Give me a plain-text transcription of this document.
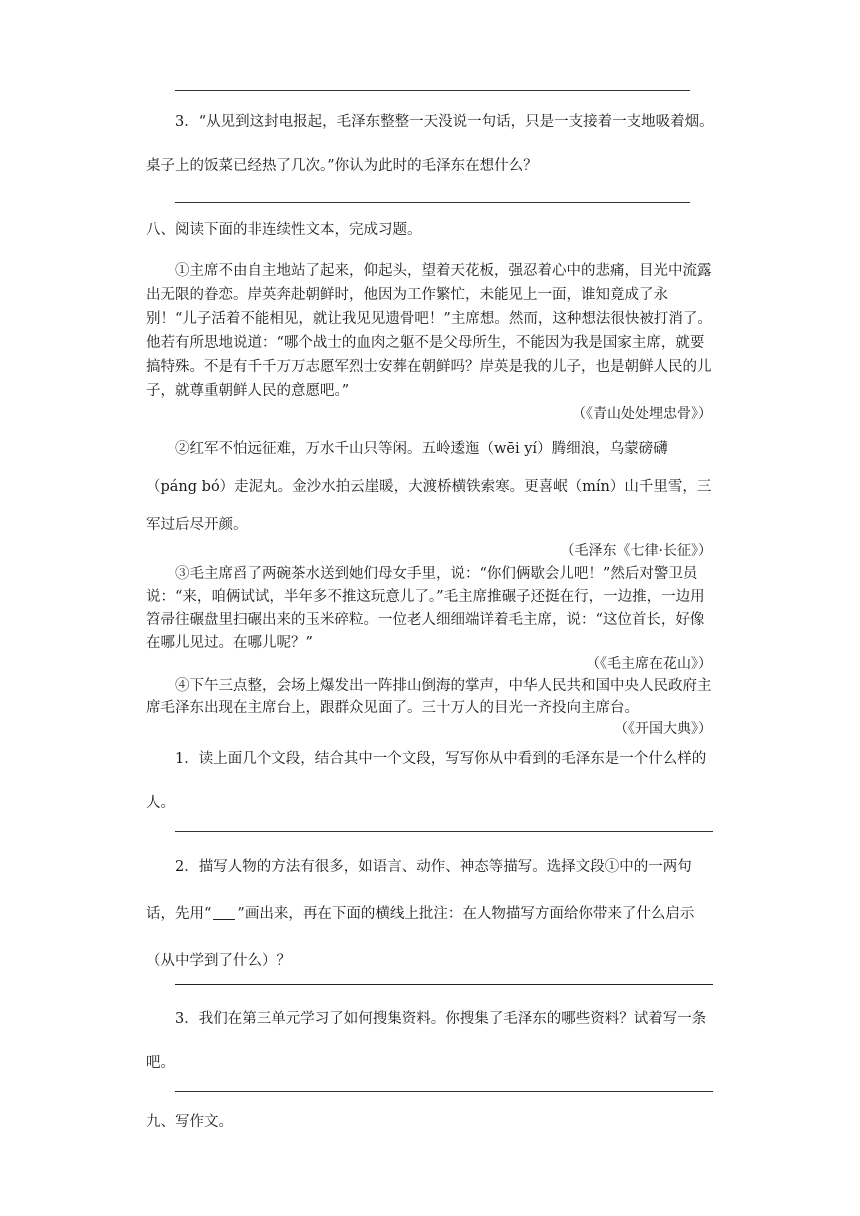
3．“从见到这封电报起，毛泽东整整一天没说一句话，只是一支接着一支地吸着烟。桌子上的饭菜已经热了几次。”你认为此时的毛泽东在想什么？

八、阅读下面的非连续性文本，完成习题。

①主席不由自主地站了起来，仰起头，望着天花板，强忍着心中的悲痛，目光中流露出无限的眷恋。岸英奔赴朝鲜时，他因为工作繁忙，未能见上一面，谁知竟成了永别！“儿子活着不能相见，就让我见见遗骨吧！”主席想。然而，这种想法很快被打消了。他若有所思地说道：“哪个战士的血肉之躯不是父母所生，不能因为我是国家主席，就要搞特殊。不是有千千万万志愿军烈士安葬在朝鲜吗？岸英是我的儿子，也是朝鲜人民的儿子，就尊重朝鲜人民的意愿吧。”

（《青山处处埋忠骨》）

②红军不怕远征难，万水千山只等闲。五岭逶迤（wēi yí）腾细浪，乌蒙磅礴（páng bó）走泥丸。金沙水拍云崖暖，大渡桥横铁索寒。更喜岷（mín）山千里雪，三军过后尽开颜。

（毛泽东《七律·长征》）

③毛主席舀了两碗茶水送到她们母女手里，说：“你们俩歇会儿吧！”然后对警卫员说：“来，咱俩试试，半年多不推这玩意儿了。”毛主席推碾子还挺在行，一边推，一边用笤帚往碾盘里扫碾出来的玉米碎粒。一位老人细细端详着毛主席，说：“这位首长，好像在哪儿见过。在哪儿呢？”

（《毛主席在花山》）

④下午三点整，会场上爆发出一阵排山倒海的掌声，中华人民共和国中央人民政府主席毛泽东出现在主席台上，跟群众见面了。三十万人的目光一齐投向主席台。

（《开国大典》）

1．读上面几个文段，结合其中一个文段，写写你从中看到的毛泽东是一个什么样的人。

2．描写人物的方法有很多，如语言、动作、神态等描写。选择文段①中的一两句话，先用“ ”画出来，再在下面的横线上批注：在人物描写方面给你带来了什么启示（从中学到了什么）？

3．我们在第三单元学习了如何搜集资料。你搜集了毛泽东的哪些资料？试着写一条吧。

九、写作文。
